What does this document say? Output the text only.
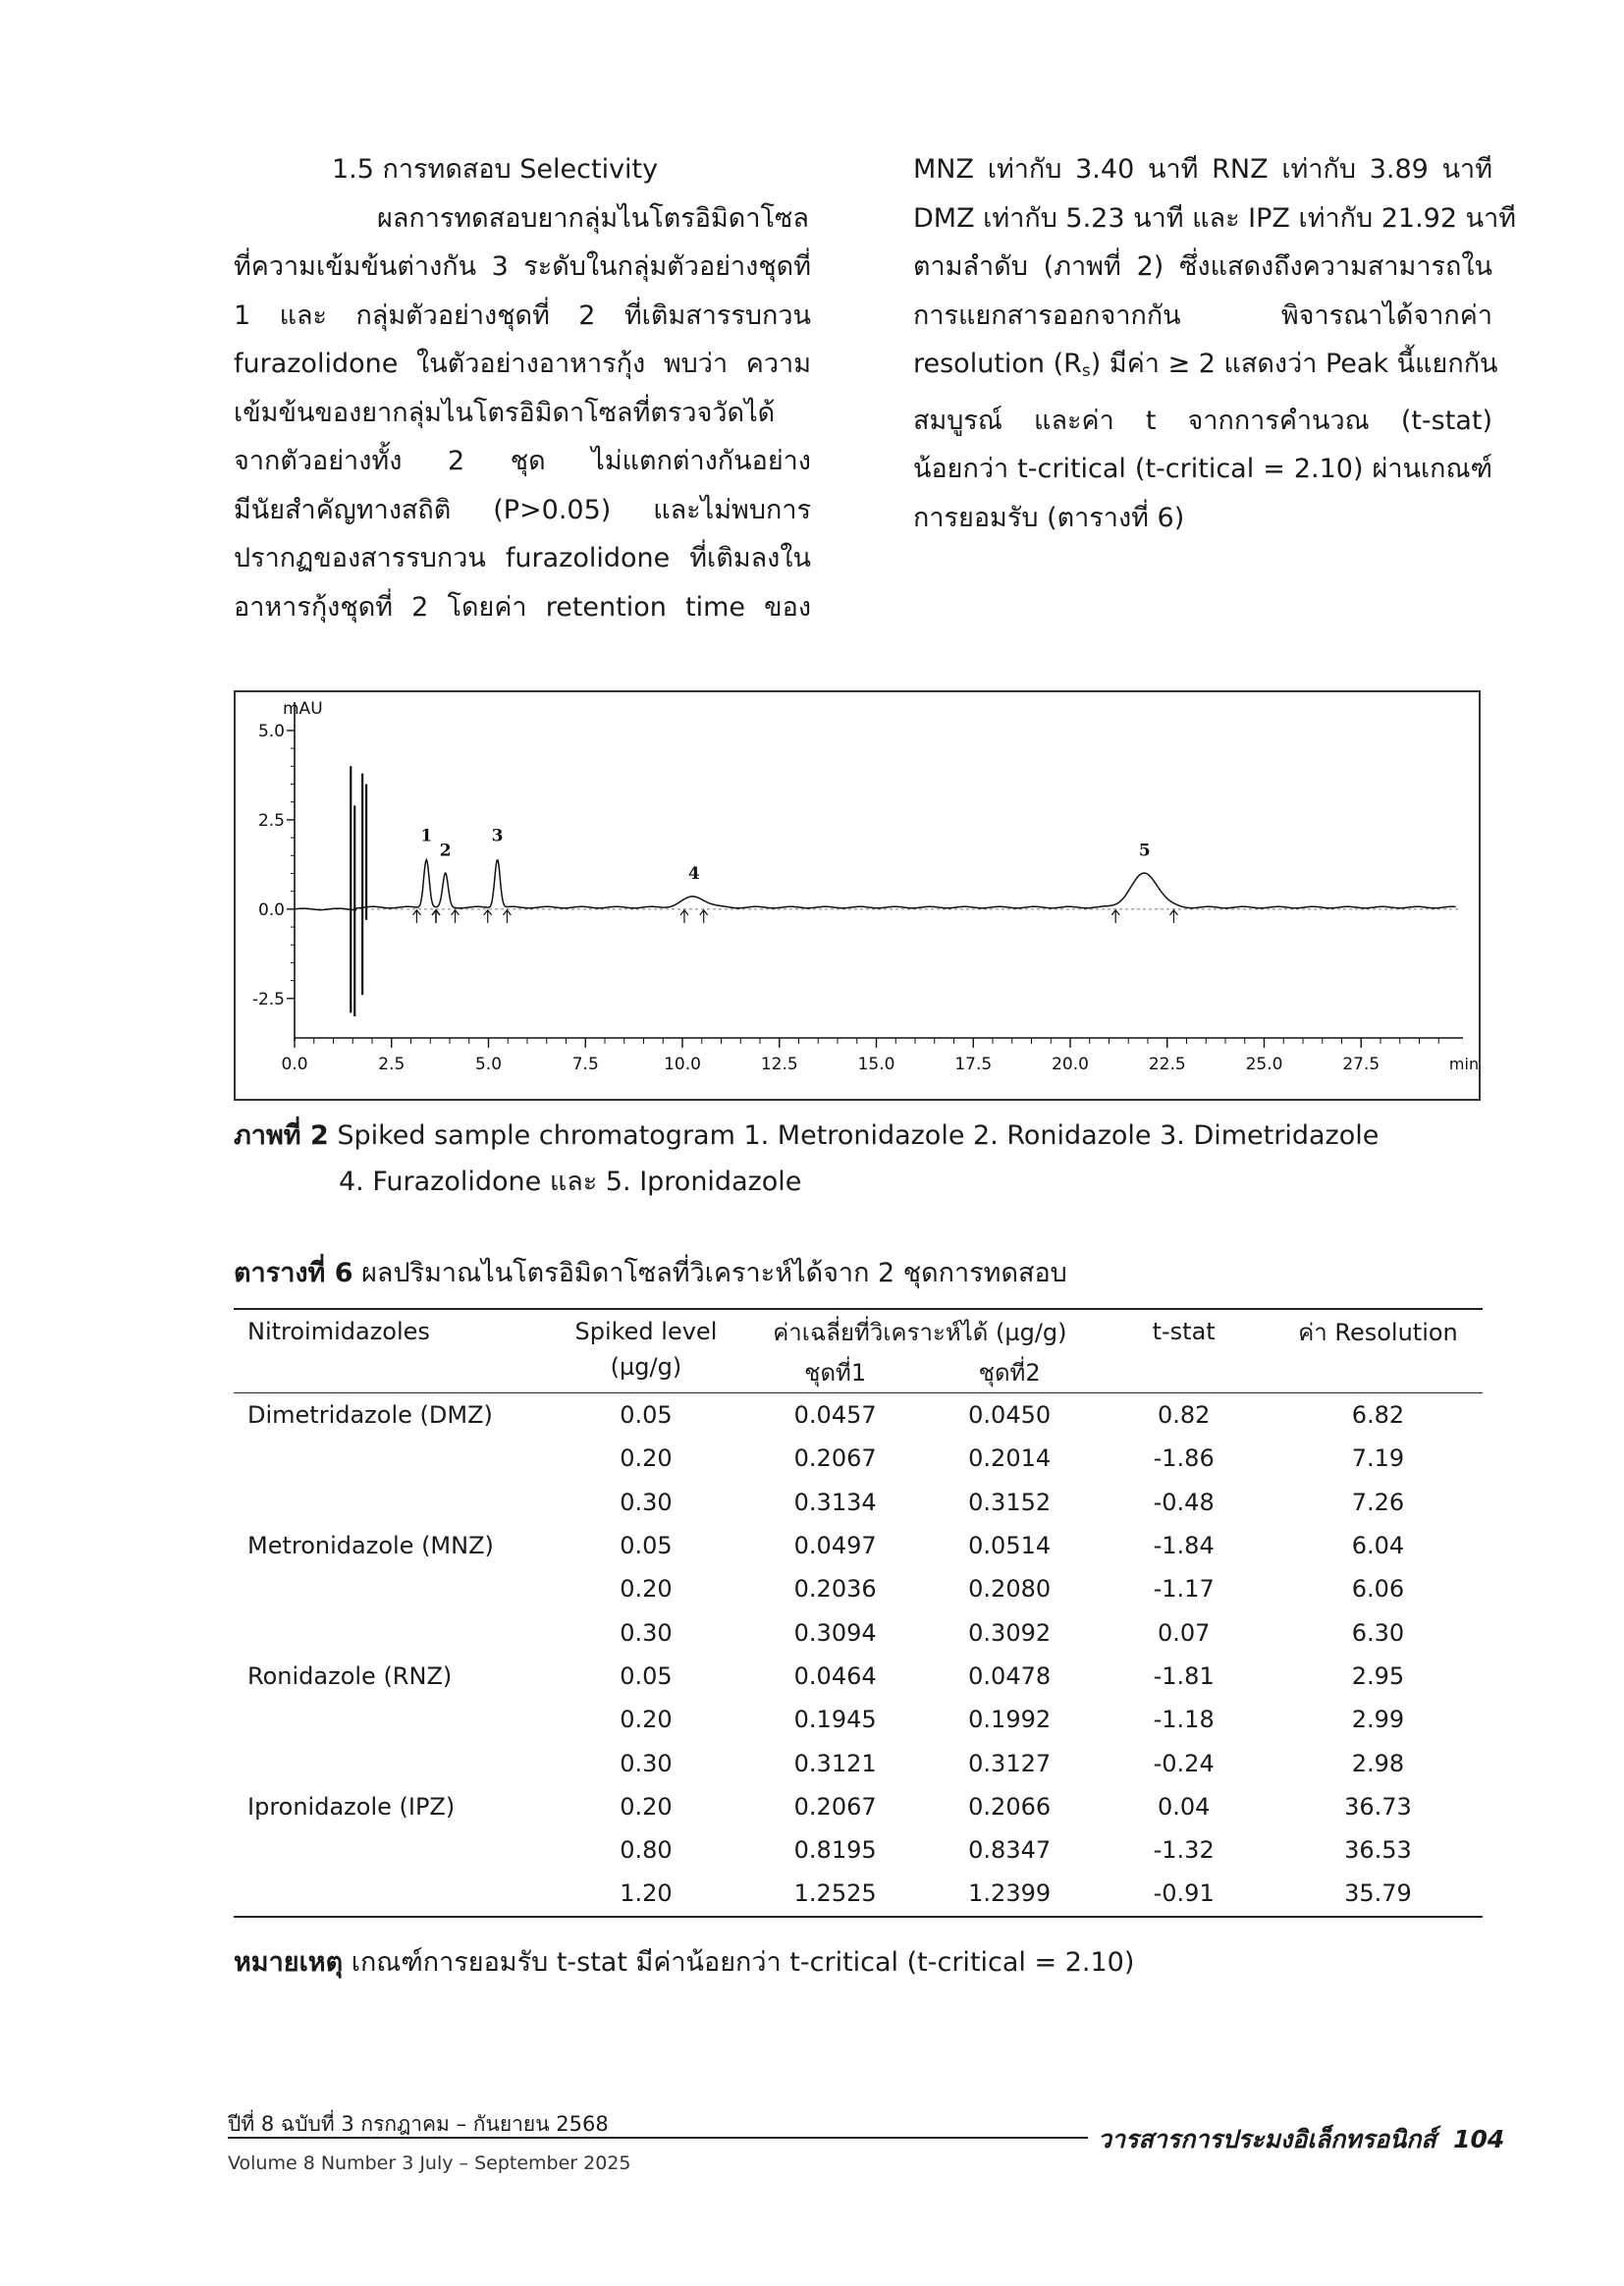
1.5 การทดสอบ Selectivity
ผลการทดสอบยากลุ่มไนโตรอิมิดาโซล
ที่ความเข้มข้นต่างกัน 3 ระดับในกลุ่มตัวอย่างชุดที่
1 และ กลุ่มตัวอย่างชุดที่ 2 ที่เติมสารรบกวน
furazolidone ในตัวอย่างอาหารกุ้ง พบว่า ความ
เข้มข้นของยากลุ่มไนโตรอิมิดาโซลที่ตรวจวัดได้
จากตัวอย่างทั้ง 2 ชุด ไม่แตกต่างกันอย่าง
มีนัยสำคัญทางสถิติ (P>0.05) และไม่พบการ
ปรากฏของสารรบกวน furazolidone ที่เติมลงใน
อาหารกุ้งชุดที่ 2 โดยค่า retention time ของ
MNZ เท่ากับ 3.40 นาที RNZ เท่ากับ 3.89 นาที
DMZ เท่ากับ 5.23 นาที และ IPZ เท่ากับ 21.92 นาที
ตามลำดับ (ภาพที่ 2) ซึ่งแสดงถึงความสามารถใน
การแยกสารออกจากกัน พิจารณาได้จากค่า
resolution $(R_s)$ มีค่า ≥ 2 แสดงว่า Peak นี้แยกกัน
สมบูรณ์ และค่า t จากการคำนวณ (t-stat)
น้อยกว่า t-critical (t-critical = 2.10) ผ่านเกณฑ์
การยอมรับ (ตารางที่ 6)
mAU
5.0
2.5
0.0
-2.5
0.0	2.5	5.0	7.5	10.0	12.5	15.0	17.5	20.0	22.5	25.0	27.5	min
1
2
3
4
5
ภาพที่ 2 Spiked sample chromatogram 1. Metronidazole 2. Ronidazole 3. Dimetridazole
4. Furazolidone และ 5. Ipronidazole
ตารางที่ 6 ผลปริมาณไนโตรอิมิดาโซลที่วิเคราะห์ได้จาก 2 ชุดการทดสอบ
Nitroimidazoles	Spiked level	ค่าเฉลี่ยที่วิเคราะห์ได้ (µg/g)		t-stat	ค่า Resolution
	(µg/g)	ชุดที่1	ชุดที่2		
Dimetridazole (DMZ)	0.05	0.0457	0.0450	0.82	6.82
	0.20	0.2067	0.2014	-1.86	7.19
	0.30	0.3134	0.3152	-0.48	7.26
Metronidazole (MNZ)	0.05	0.0497	0.0514	-1.84	6.04
	0.20	0.2036	0.2080	-1.17	6.06
	0.30	0.3094	0.3092	0.07	6.30
Ronidazole (RNZ)	0.05	0.0464	0.0478	-1.81	2.95
	0.20	0.1945	0.1992	-1.18	2.99
	0.30	0.3121	0.3127	-0.24	2.98
Ipronidazole (IPZ)	0.20	0.2067	0.2066	0.04	36.73
	0.80	0.8195	0.8347	-1.32	36.53
	1.20	1.2525	1.2399	-0.91	35.79
หมายเหตุ เกณฑ์การยอมรับ t-stat มีค่าน้อยกว่า t-critical (t-critical = 2.10)
ปีที่ 8 ฉบับที่ 3 กรกฎาคม – กันยายน 2568
วารสารการประมงอิเล็กทรอนิกส์ 104
Volume 8 Number 3 July – September 2025
